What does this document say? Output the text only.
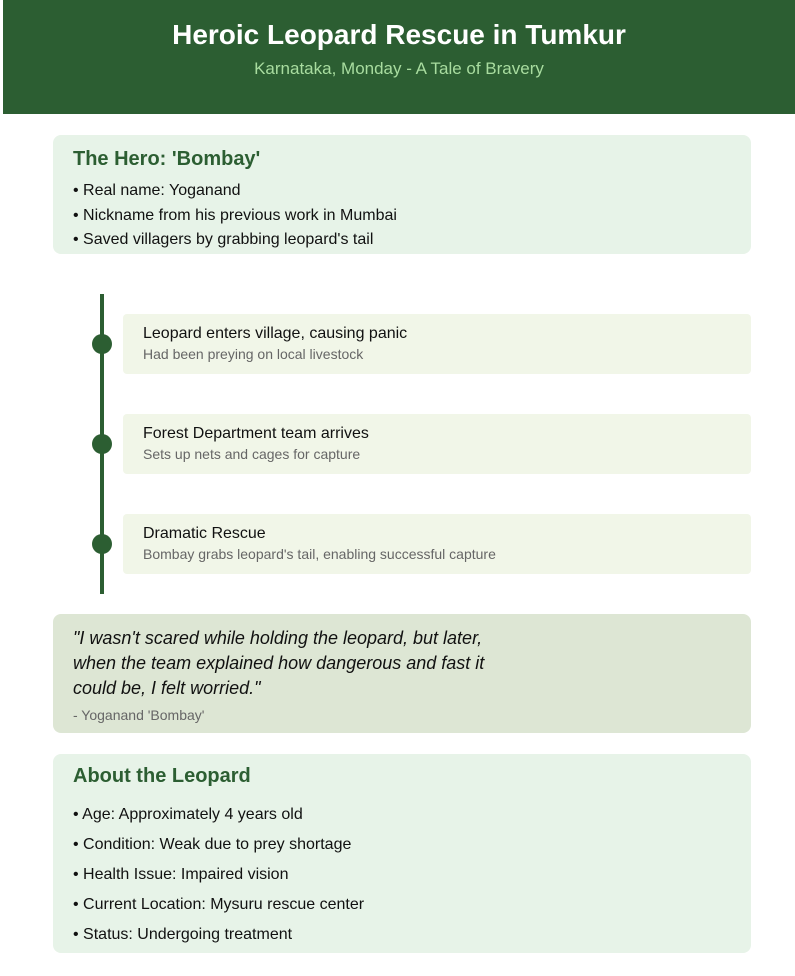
Heroic Leopard Rescue in Tumkur
Karnataka, Monday - A Tale of Bravery
The Hero: 'Bombay'
• Real name: Yoganand
• Nickname from his previous work in Mumbai
• Saved villagers by grabbing leopard's tail
Leopard enters village, causing panic
Had been preying on local livestock
Forest Department team arrives
Sets up nets and cages for capture
Dramatic Rescue
Bombay grabs leopard's tail, enabling successful capture
"I wasn't scared while holding the leopard, but later, when the team explained how dangerous and fast it could be, I felt worried."
- Yoganand 'Bombay'
About the Leopard
• Age: Approximately 4 years old
• Condition: Weak due to prey shortage
• Health Issue: Impaired vision
• Current Location: Mysuru rescue center
• Status: Undergoing treatment
